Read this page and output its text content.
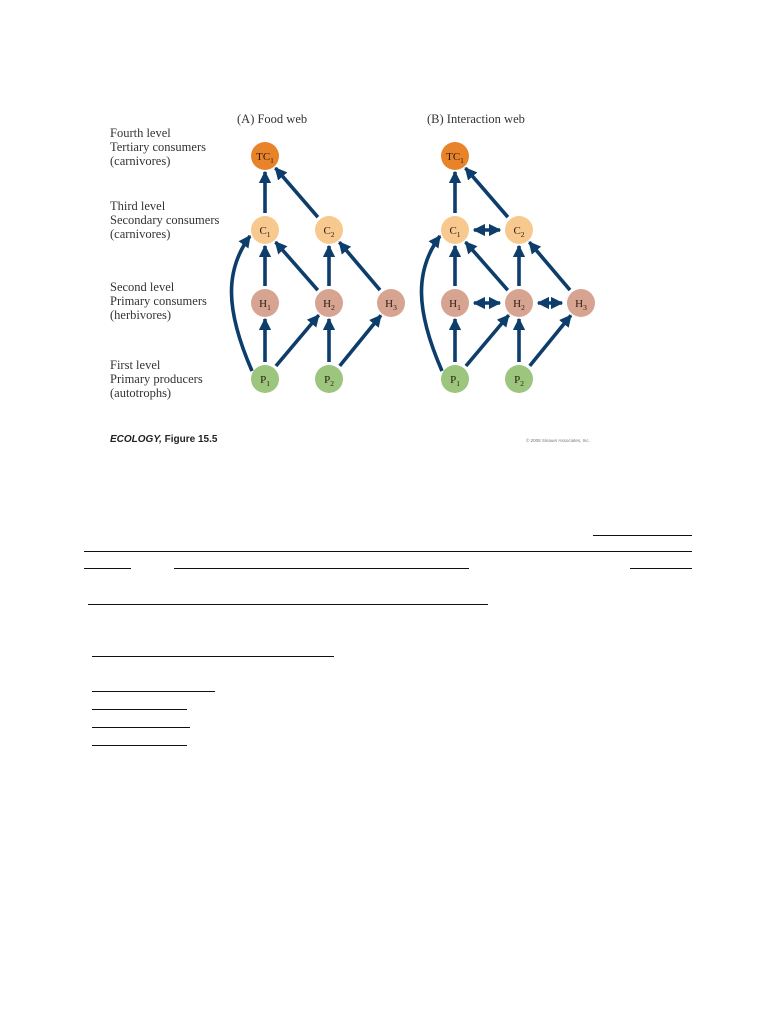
$TC_1$
$C_1$	$C_2$
$H_1$	$H_2$	$H_3$
$P_1$	$P_2$
$TC_1$
$C_1$	$C_2$
$H_1$	$H_2$	$H_3$
$P_1$	$P_2$
(A) Food web	(B) Interaction web
Fourth level
Tertiary consumers
(carnivores)
Third level
Secondary consumers
(carnivores)
Second level
Primary consumers
(herbivores)
First level
Primary producers
(autotrophs)
ECOLOGY, Figure 15.5	© 2008 Sinauer Associates, Inc.
